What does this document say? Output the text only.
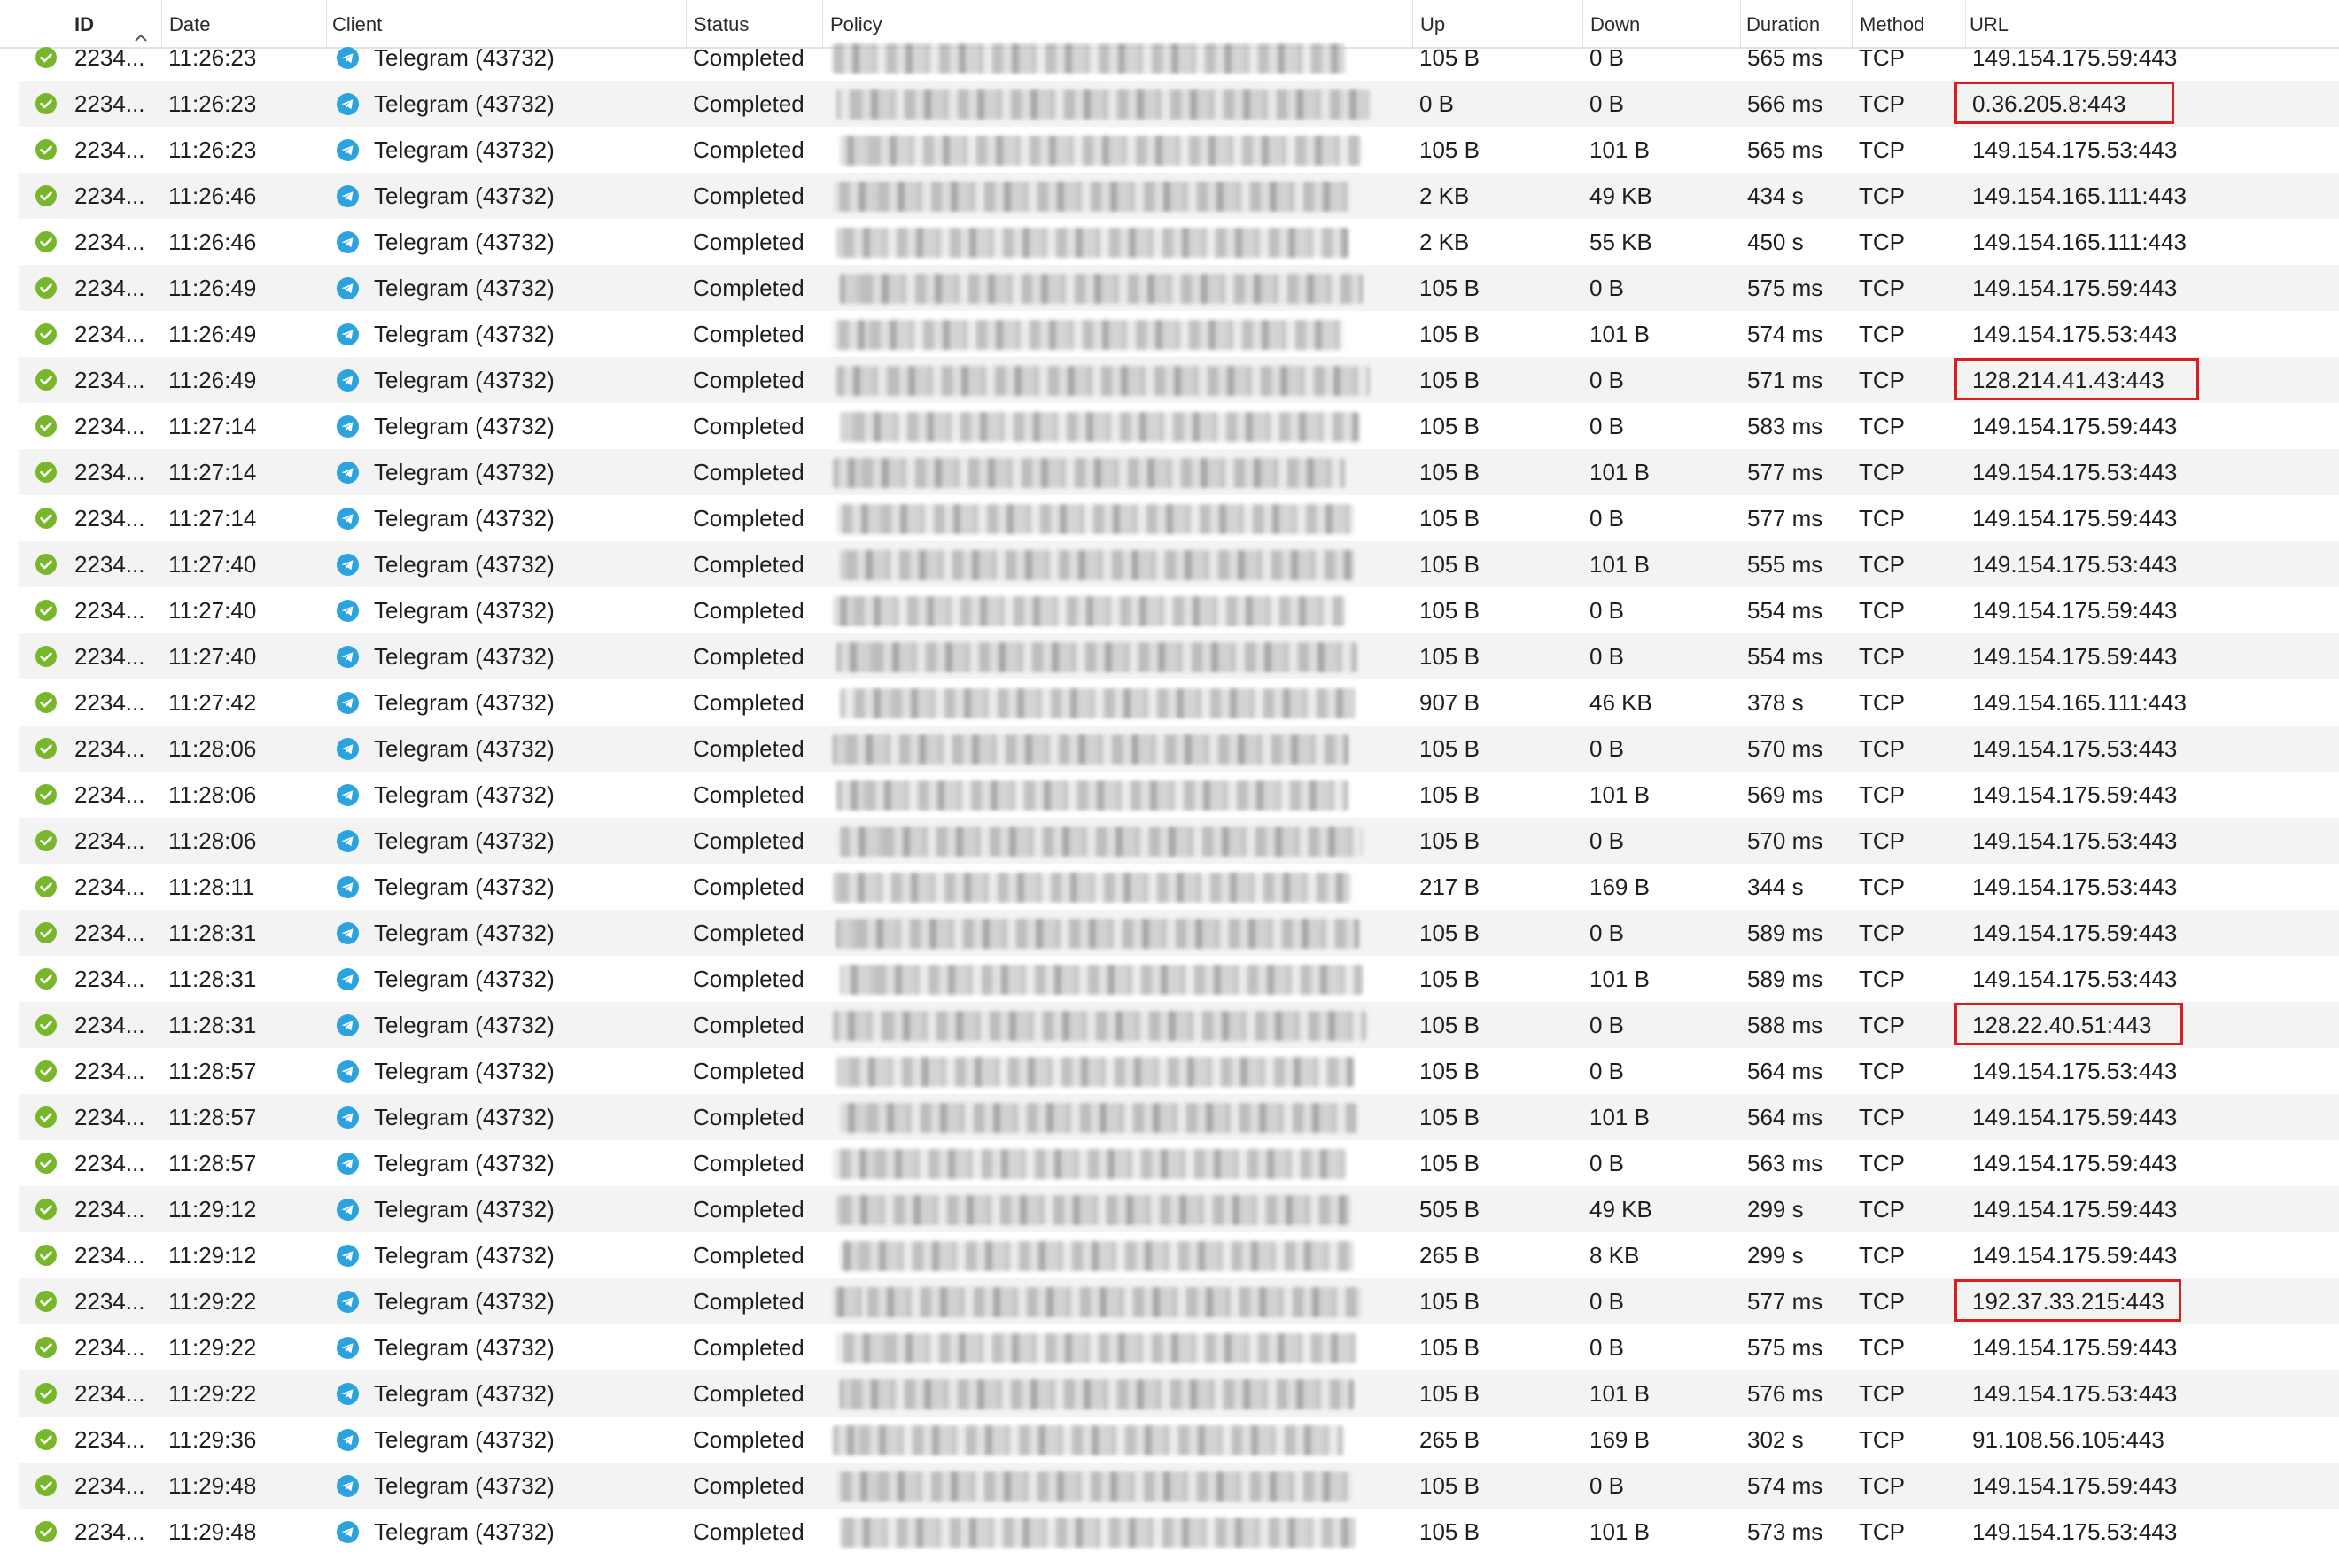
ID	Date	Client	Status	Policy	Up	Down	Duration	Method	URL
2234... 11:26:23	Telegram (43732)	Completed	105 B	0 B	565 ms TCP	149.154.175.59:443
2234... 11:26:23	Telegram (43732)	Completed	0 B	0 B	566 ms TCP	0.36.205.8:443
2234... 11:26:23	Telegram (43732)	Completed	105 B	101 B	565 ms TCP	149.154.175.53:443
2234... 11:26:46	Telegram (43732)	Completed	2 KB	49 KB	434 s TCP	149.154.165.111:443
2234... 11:26:46	Telegram (43732)	Completed	2 KB	55 KB	450 s TCP	149.154.165.111:443
2234... 11:26:49	Telegram (43732)	Completed	105 B	0 B	575 ms TCP	149.154.175.59:443
2234... 11:26:49	Telegram (43732)	Completed	105 B	101 B	574 ms TCP	149.154.175.53:443
2234... 11:26:49	Telegram (43732)	Completed	105 B	0 B	571 ms TCP	128.214.41.43:443
2234... 11:27:14	Telegram (43732)	Completed	105 B	0 B	583 ms TCP	149.154.175.59:443
2234... 11:27:14	Telegram (43732)	Completed	105 B	101 B	577 ms TCP	149.154.175.53:443
2234... 11:27:14	Telegram (43732)	Completed	105 B	0 B	577 ms TCP	149.154.175.59:443
2234... 11:27:40	Telegram (43732)	Completed	105 B	101 B	555 ms TCP	149.154.175.53:443
2234... 11:27:40	Telegram (43732)	Completed	105 B	0 B	554 ms TCP	149.154.175.59:443
2234... 11:27:40	Telegram (43732)	Completed	105 B	0 B	554 ms TCP	149.154.175.59:443
2234... 11:27:42	Telegram (43732)	Completed	907 B	46 KB	378 s TCP	149.154.165.111:443
2234... 11:28:06	Telegram (43732)	Completed	105 B	0 B	570 ms TCP	149.154.175.53:443
2234... 11:28:06	Telegram (43732)	Completed	105 B	101 B	569 ms TCP	149.154.175.59:443
2234... 11:28:06	Telegram (43732)	Completed	105 B	0 B	570 ms TCP	149.154.175.53:443
2234... 11:28:11	Telegram (43732)	Completed	217 B	169 B	344 s TCP	149.154.175.53:443
2234... 11:28:31	Telegram (43732)	Completed	105 B	0 B	589 ms TCP	149.154.175.59:443
2234... 11:28:31	Telegram (43732)	Completed	105 B	101 B	589 ms TCP	149.154.175.53:443
2234... 11:28:31	Telegram (43732)	Completed	105 B	0 B	588 ms TCP	128.22.40.51:443
2234... 11:28:57	Telegram (43732)	Completed	105 B	0 B	564 ms TCP	149.154.175.53:443
2234... 11:28:57	Telegram (43732)	Completed	105 B	101 B	564 ms TCP	149.154.175.59:443
2234... 11:28:57	Telegram (43732)	Completed	105 B	0 B	563 ms TCP	149.154.175.59:443
2234... 11:29:12	Telegram (43732)	Completed	505 B	49 KB	299 s TCP	149.154.175.59:443
2234... 11:29:12	Telegram (43732)	Completed	265 B	8 KB	299 s TCP	149.154.175.59:443
2234... 11:29:22	Telegram (43732)	Completed	105 B	0 B	577 ms TCP	192.37.33.215:443
2234... 11:29:22	Telegram (43732)	Completed	105 B	0 B	575 ms TCP	149.154.175.59:443
2234... 11:29:22	Telegram (43732)	Completed	105 B	101 B	576 ms TCP	149.154.175.53:443
2234... 11:29:36	Telegram (43732)	Completed	265 B	169 B	302 s TCP	91.108.56.105:443
2234... 11:29:48	Telegram (43732)	Completed	105 B	0 B	574 ms TCP	149.154.175.59:443
2234... 11:29:48	Telegram (43732)	Completed	105 B	101 B	573 ms TCP	149.154.175.53:443
